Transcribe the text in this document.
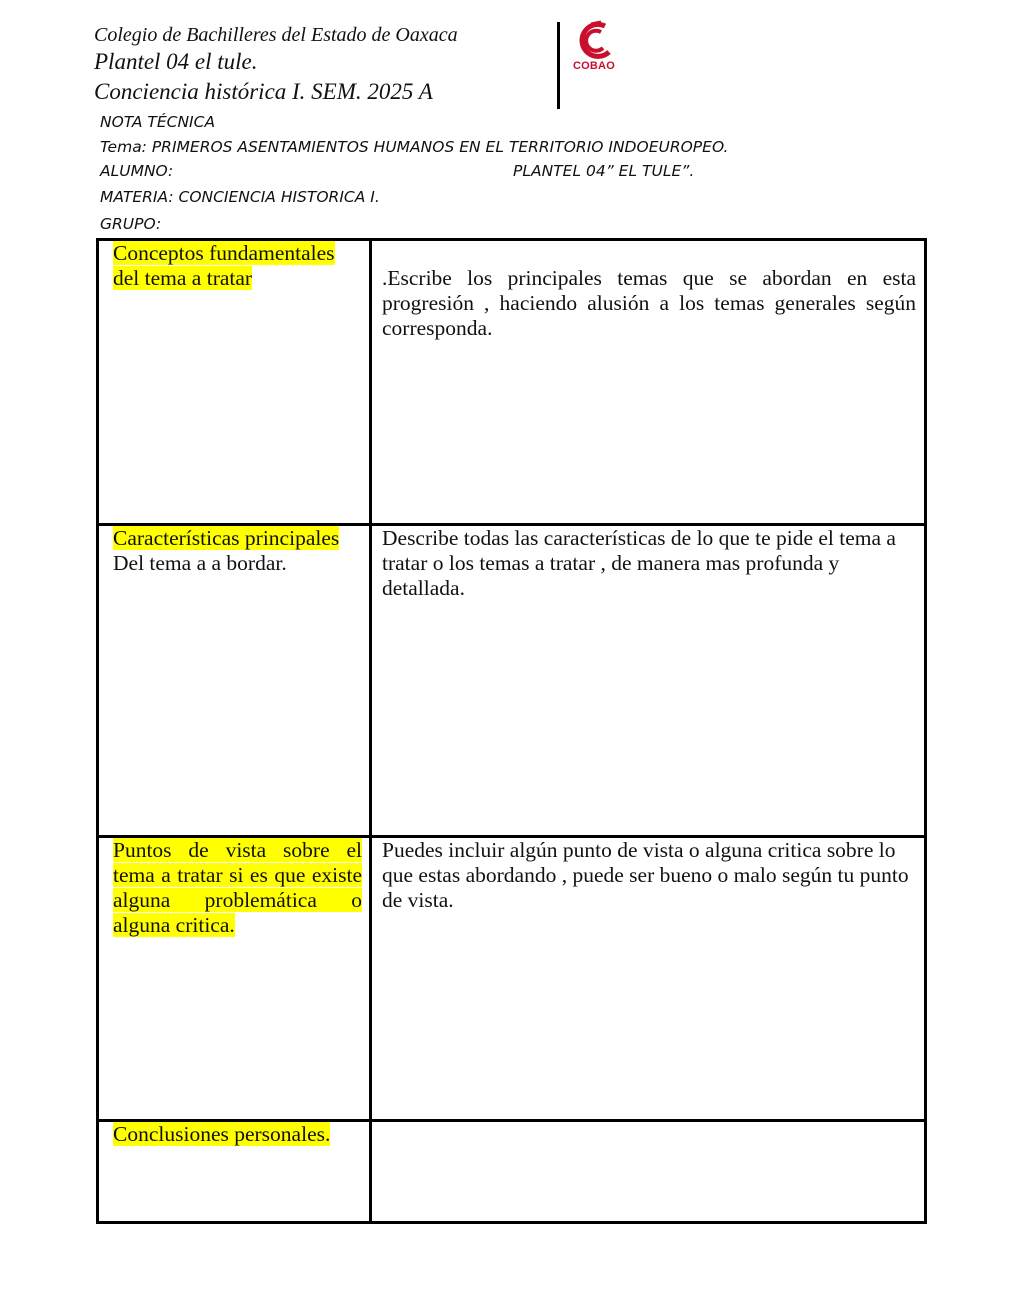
Colegio de Bachilleres del Estado de Oaxaca
Plantel 04 el tule.
Conciencia histórica I. SEM. 2025 A
COBAO
NOTA TÉCNICA
Tema: PRIMEROS ASENTAMIENTOS HUMANOS EN EL TERRITORIO INDOEUROPEO.
ALUMNO:	PLANTEL 04” EL TULE”.
MATERIA: CONCIENCIA HISTORICA I.
GRUPO:
Conceptos fundamentales del tema a tratar	.Escribe los principales temas que se abordan en esta progresión , haciendo alusión a los temas generales según corresponda.

Características principales
Del tema a a bordar.	Describe todas las características de lo que te pide el tema a tratar o los temas a tratar , de manera mas profunda y detallada.

Puntos de vista sobre el tema a tratar si es que existe alguna problemática o alguna critica.	Puedes incluir algún punto de vista o alguna critica sobre lo que estas abordando , puede ser bueno o malo según tu punto de vista.

Conclusiones personales.	
